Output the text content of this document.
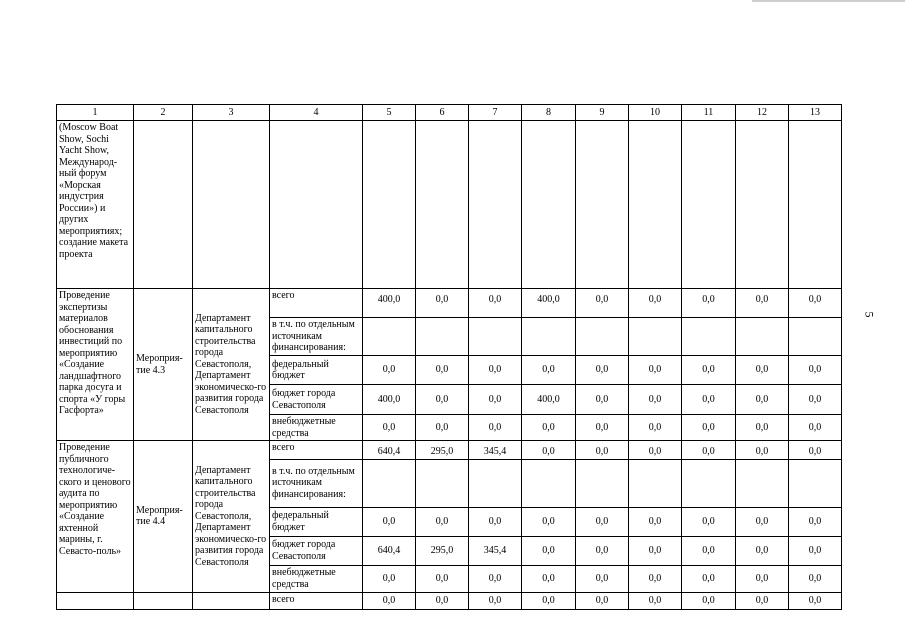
5
1	2	3	4	5	6	7	8	9	10	11	12	13
(Moscow Boat Show, Sochi Yacht Show, Международ-ный форум «Морская индустрия России») и других мероприятиях; создание макета проекта												
Проведение экспертизы материалов обоснования инвестиций по мероприятию «Создание ландшафтного парка досуга и спорта «У горы Гасфорта»	Мероприя-тие 4.3	Департамент капитального строительства города Севастополя, Департамент экономическо-го развития города Севастополя	всего	400,0	0,0	0,0	400,0	0,0	0,0	0,0	0,0	0,0
			в т.ч. по отдельным источникам финансирования:									
			федеральный бюджет	0,0	0,0	0,0	0,0	0,0	0,0	0,0	0,0	0,0
			бюджет города Севастополя	400,0	0,0	0,0	400,0	0,0	0,0	0,0	0,0	0,0
			внебюджетные средства	0,0	0,0	0,0	0,0	0,0	0,0	0,0	0,0	0,0
Проведение публичного технологиче-ского и ценового аудита по мероприятию «Создание яхтенной марины, г. Севасто-поль»	Мероприя-тие 4.4	Департамент капитального строительства города Севастополя, Департамент экономическо-го развития города Севастополя	всего	640,4	295,0	345,4	0,0	0,0	0,0	0,0	0,0	0,0
			в т.ч. по отдельным источникам финансирования:									
			федеральный бюджет	0,0	0,0	0,0	0,0	0,0	0,0	0,0	0,0	0,0
			бюджет города Севастополя	640,4	295,0	345,4	0,0	0,0	0,0	0,0	0,0	0,0
			внебюджетные средства	0,0	0,0	0,0	0,0	0,0	0,0	0,0	0,0	0,0
			всего	0,0	0,0	0,0	0,0	0,0	0,0	0,0	0,0	0,0
